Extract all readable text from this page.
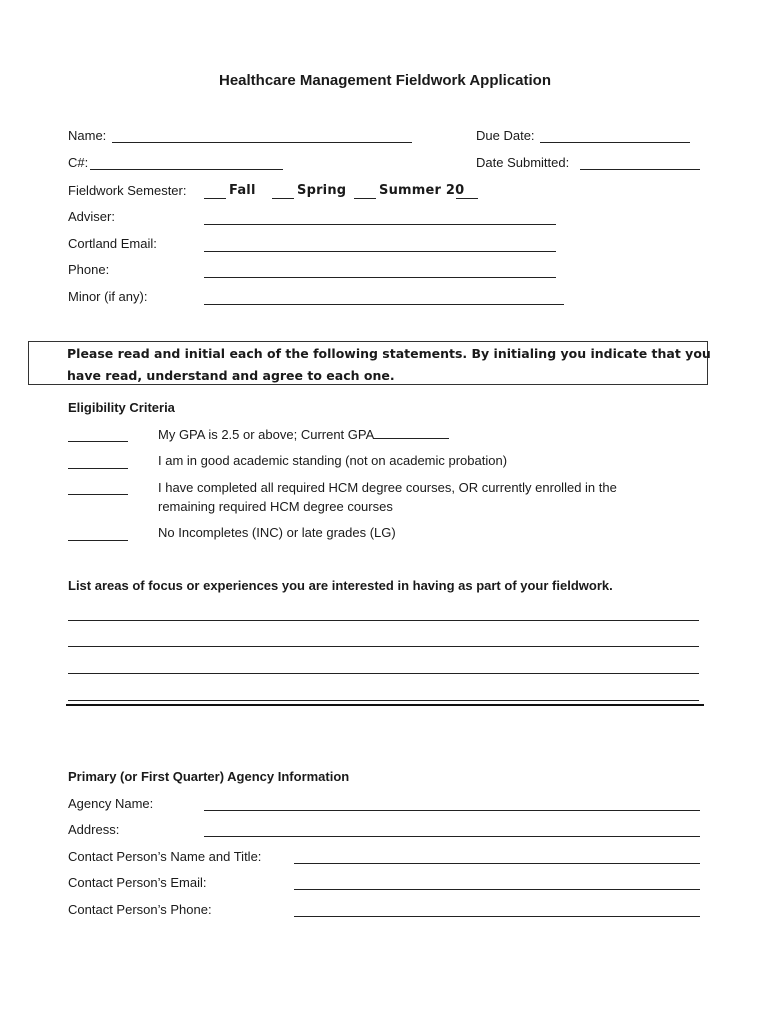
Healthcare Management Fieldwork Application
Name:	Due Date:
C#:	Date Submitted:
Fieldwork Semester:	Fall	Spring	Summer 20
Adviser:
Cortland Email:
Phone:
Minor (if any):

Please read and initial each of the following statements. By initialing you indicate that you

have read, understand and agree to each one.

Eligibility Criteria
My GPA is 2.5 or above; Current GPA
I am in good academic standing (not on academic probation)
I have completed all required HCM degree courses, OR currently enrolled in the
remaining required HCM degree courses
No Incompletes (INC) or late grades (LG)
List areas of focus or experiences you are interested in having as part of your fieldwork.
Primary (or First Quarter) Agency Information
Agency Name:
Address:
Contact Person’s Name and Title:
Contact Person’s Email:
Contact Person’s Phone:
